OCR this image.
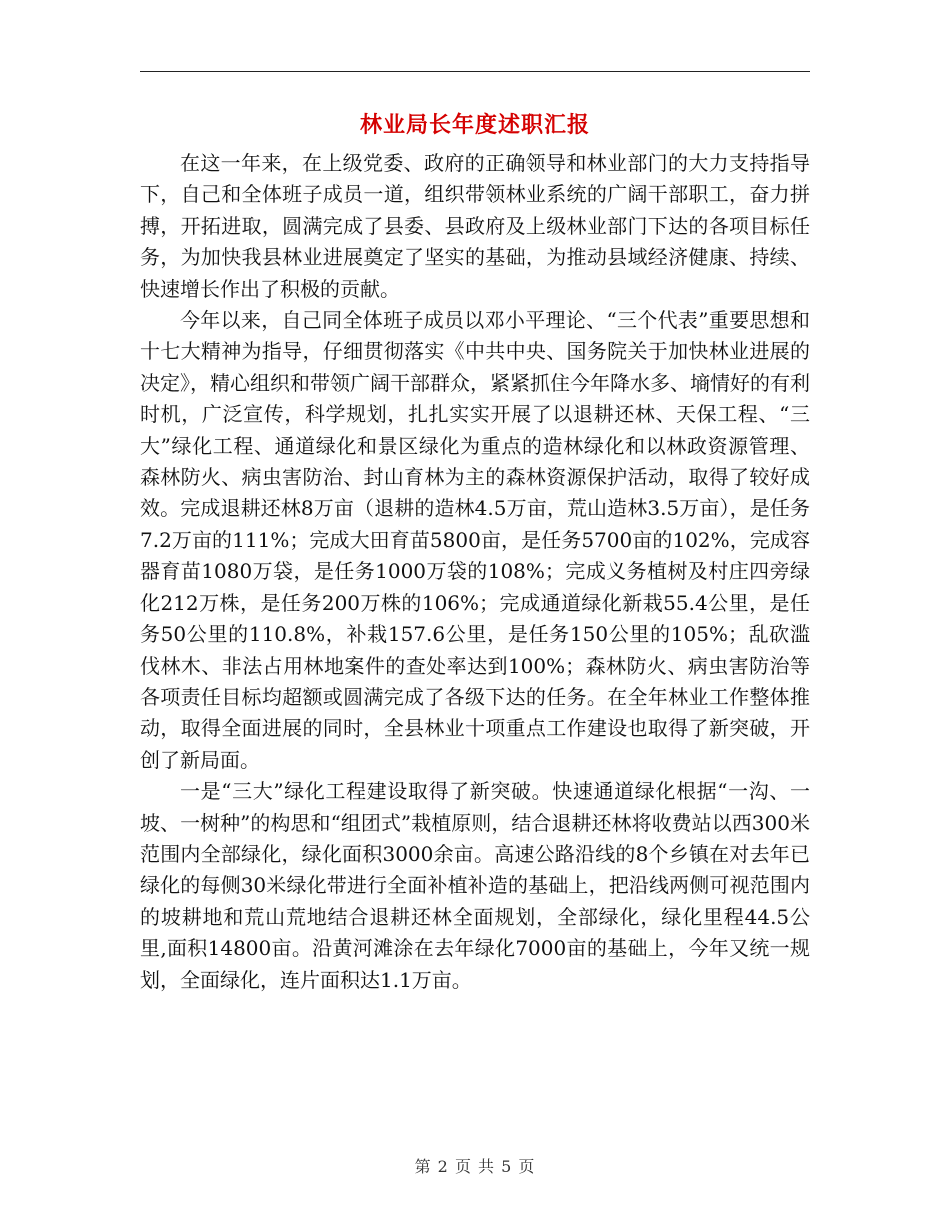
林业局长年度述职汇报

在这一年来，在上级党委、政府的正确领导和林业部门的大力支持指导下，自己和全体班子成员一道，组织带领林业系统的广阔干部职工，奋力拼搏，开拓进取，圆满完成了县委、县政府及上级林业部门下达的各项目标任务，为加快我县林业进展奠定了坚实的基础，为推动县域经济健康、持续、快速增长作出了积极的贡献。

今年以来，自己同全体班子成员以邓小平理论、“三个代表”重要思想和十七大精神为指导，仔细贯彻落实《中共中央、国务院关于加快林业进展的决定》，精心组织和带领广阔干部群众，紧紧抓住今年降水多、墒情好的有利时机，广泛宣传，科学规划，扎扎实实开展了以退耕还林、天保工程、“三大”绿化工程、通道绿化和景区绿化为重点的造林绿化和以林政资源管理、森林防火、病虫害防治、封山育林为主的森林资源保护活动，取得了较好成效。完成退耕还林8万亩（退耕的造林4.5万亩，荒山造林3.5万亩），是任务7.2万亩的111%；完成大田育苗5800亩，是任务5700亩的102%，完成容器育苗1080万袋，是任务1000万袋的108%；完成义务植树及村庄四旁绿化212万株，是任务200万株的106%；完成通道绿化新栽55.4公里，是任务50公里的110.8%，补栽157.6公里，是任务150公里的105%；乱砍滥伐林木、非法占用林地案件的查处率达到100%；森林防火、病虫害防治等各项责任目标均超额或圆满完成了各级下达的任务。在全年林业工作整体推动，取得全面进展的同时，全县林业十项重点工作建设也取得了新突破，开创了新局面。

一是“三大”绿化工程建设取得了新突破。快速通道绿化根据“一沟、一坡、一树种”的构思和“组团式”栽植原则，结合退耕还林将收费站以西300米范围内全部绿化，绿化面积3000余亩。高速公路沿线的8个乡镇在对去年已绿化的每侧30米绿化带进行全面补植补造的基础上，把沿线两侧可视范围内的坡耕地和荒山荒地结合退耕还林全面规划，全部绿化，绿化里程44.5公里,面积14800亩。沿黄河滩涂在去年绿化7000亩的基础上，今年又统一规划，全面绿化，连片面积达1.1万亩。

第 2 页 共 5 页
